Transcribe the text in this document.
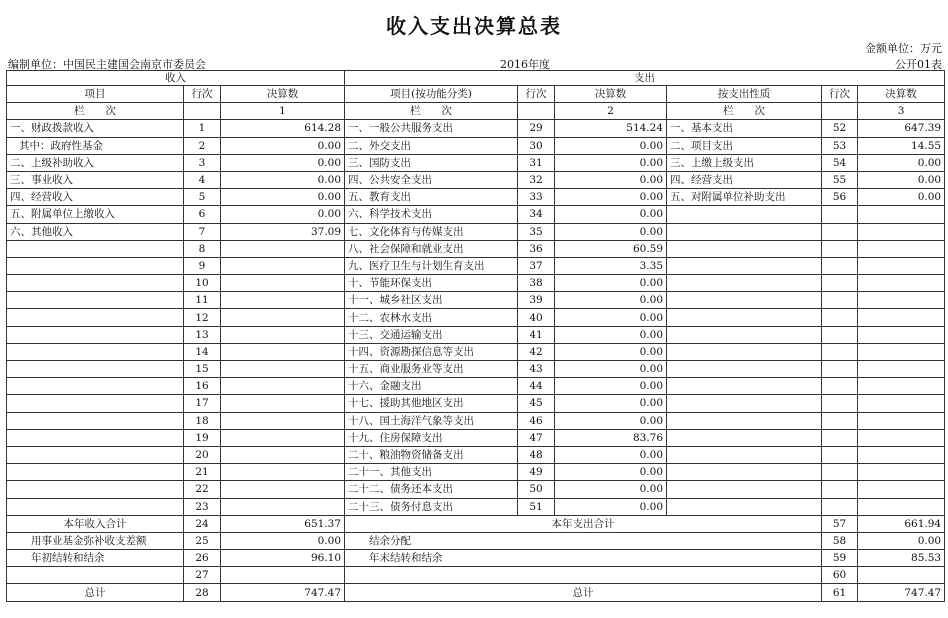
收入支出决算总表
金额单位：万元
编制单位：中国民主建国会南京市委员会	2016年度	公开01表
收入			支出					
项目	行次	决算数	项目(按功能分类)	行次	决算数	按支出性质	行次	决算数
栏　　次		1	栏　　次		2	栏　　次		3
一、财政拨款收入	1	614.28	一、一般公共服务支出	29	514.24	一、基本支出	52	647.39
其中：政府性基金	2	0.00	二、外交支出	30	0.00	二、项目支出	53	14.55
二、上级补助收入	3	0.00	三、国防支出	31	0.00	三、上缴上级支出	54	0.00
三、事业收入	4	0.00	四、公共安全支出	32	0.00	四、经营支出	55	0.00
四、经营收入	5	0.00	五、教育支出	33	0.00	五、对附属单位补助支出	56	0.00
五、附属单位上缴收入	6	0.00	六、科学技术支出	34	0.00			
六、其他收入	7	37.09	七、文化体育与传媒支出	35	0.00			
	8		八、社会保障和就业支出	36	60.59			
	9		九、医疗卫生与计划生育支出	37	3.35			
	10		十、节能环保支出	38	0.00			
	11		十一、城乡社区支出	39	0.00			
	12		十二、农林水支出	40	0.00			
	13		十三、交通运输支出	41	0.00			
	14		十四、资源勘探信息等支出	42	0.00			
	15		十五、商业服务业等支出	43	0.00			
	16		十六、金融支出	44	0.00			
	17		十七、援助其他地区支出	45	0.00			
	18		十八、国土海洋气象等支出	46	0.00			
	19		十九、住房保障支出	47	83.76			
	20		二十、粮油物资储备支出	48	0.00			
	21		二十一、其他支出	49	0.00			
	22		二十二、债务还本支出	50	0.00			
	23		二十三、债务付息支出	51	0.00			
本年收入合计	24	651.37	本年支出合计				57	661.94
用事业基金弥补收支差额	25	0.00	结余分配				58	0.00
年初结转和结余	26	96.10	年末结转和结余				59	85.53
	27						60	
总计	28	747.47	总计				61	747.47
